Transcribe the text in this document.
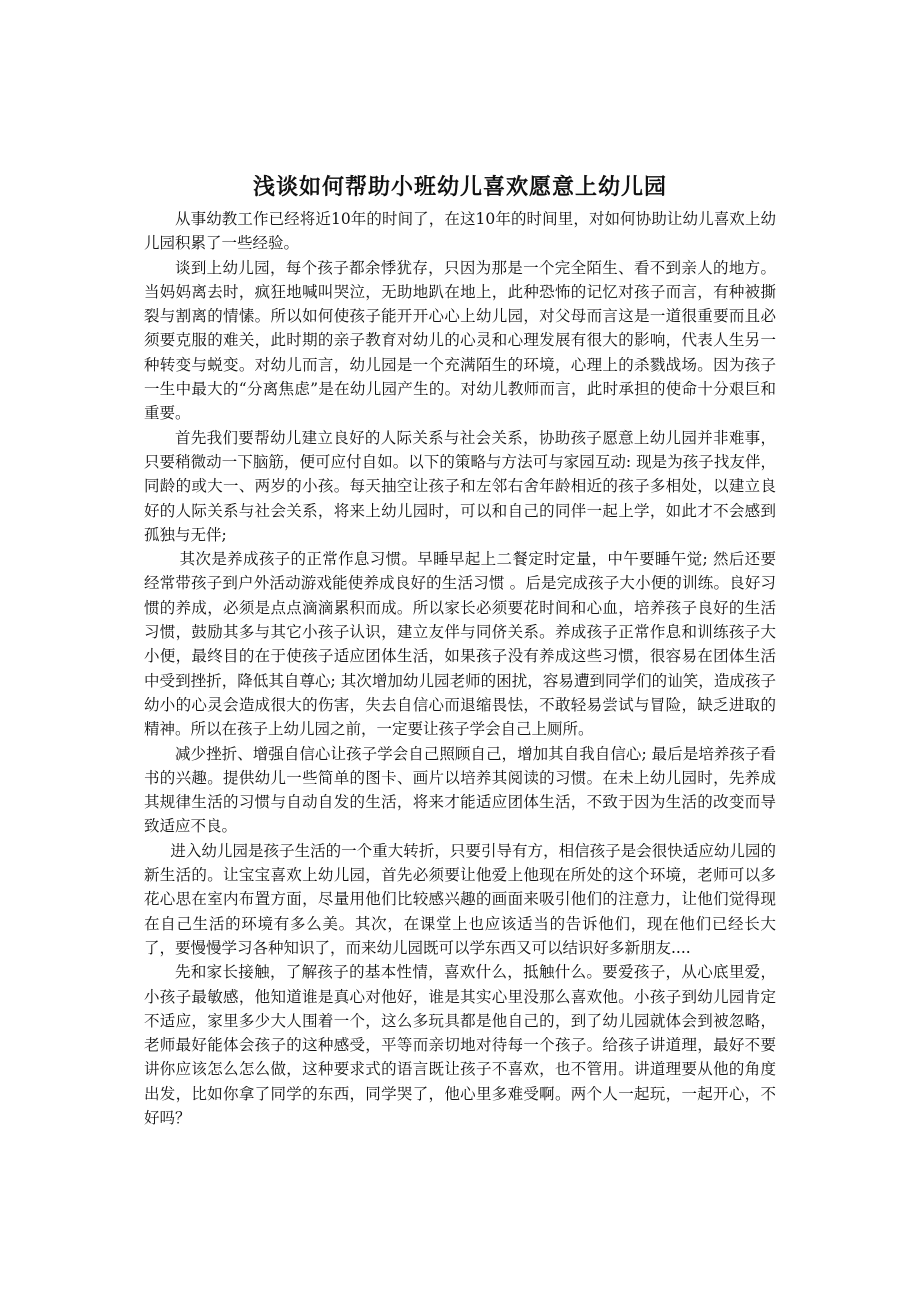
浅谈如何帮助小班幼儿喜欢愿意上幼儿园

从事幼教工作已经将近10年的时间了，在这10年的时间里，对如何协助让幼儿喜欢上幼儿园积累了一些经验。

谈到上幼儿园，每个孩子都余悸犹存，只因为那是一个完全陌生、看不到亲人的地方。当妈妈离去时，疯狂地喊叫哭泣，无助地趴在地上，此种恐怖的记忆对孩子而言，有种被撕裂与割离的情愫。所以如何使孩子能开开心心上幼儿园，对父母而言这是一道很重要而且必须要克服的难关，此时期的亲子教育对幼儿的心灵和心理发展有很大的影响，代表人生另一种转变与蜕变。对幼儿而言，幼儿园是一个充满陌生的环境，心理上的杀戮战场。因为孩子一生中最大的“分离焦虑”是在幼儿园产生的。对幼儿教师而言，此时承担的使命十分艰巨和重要。

首先我们要帮幼儿建立良好的人际关系与社会关系，协助孩子愿意上幼儿园并非难事，只要稍微动一下脑筋，便可应付自如。以下的策略与方法可与家园互动: 现是为孩子找友伴，同龄的或大一、两岁的小孩。每天抽空让孩子和左邻右舍年龄相近的孩子多相处，以建立良好的人际关系与社会关系，将来上幼儿园时，可以和自己的同伴一起上学，如此才不会感到孤独与无伴;

其次是养成孩子的正常作息习惯。早睡早起上二餐定时定量，中午要睡午觉; 然后还要经常带孩子到户外活动游戏能使养成良好的生活习惯 。后是完成孩子大小便的训练。良好习惯的养成，必须是点点滴滴累积而成。所以家长必须要花时间和心血，培养孩子良好的生活习惯，鼓励其多与其它小孩子认识，建立友伴与同侪关系。养成孩子正常作息和训练孩子大小便，最终目的在于使孩子适应团体生活，如果孩子没有养成这些习惯，很容易在团体生活中受到挫折，降低其自尊心; 其次增加幼儿园老师的困扰，容易遭到同学们的讪笑，造成孩子幼小的心灵会造成很大的伤害，失去自信心而退缩畏怯，不敢轻易尝试与冒险，缺乏进取的精神。所以在孩子上幼儿园之前，一定要让孩子学会自己上厕所。

减少挫折、增强自信心让孩子学会自己照顾自己，增加其自我自信心; 最后是培养孩子看书的兴趣。提供幼儿一些简单的图卡、画片以培养其阅读的习惯。在未上幼儿园时，先养成其规律生活的习惯与自动自发的生活，将来才能适应团体生活，不致于因为生活的改变而导致适应不良。

进入幼儿园是孩子生活的一个重大转折，只要引导有方，相信孩子是会很快适应幼儿园的新生活的。让宝宝喜欢上幼儿园，首先必须要让他爱上他现在所处的这个环境，老师可以多花心思在室内布置方面，尽量用他们比较感兴趣的画面来吸引他们的注意力，让他们觉得现在自己生活的环境有多么美。其次，在课堂上也应该适当的告诉他们，现在他们已经长大了，要慢慢学习各种知识了，而来幼儿园既可以学东西又可以结识好多新朋友....

先和家长接触，了解孩子的基本性情，喜欢什么，抵触什么。要爱孩子，从心底里爱，小孩子最敏感，他知道谁是真心对他好，谁是其实心里没那么喜欢他。小孩子到幼儿园肯定不适应，家里多少大人围着一个，这么多玩具都是他自己的，到了幼儿园就体会到被忽略，老师最好能体会孩子的这种感受，平等而亲切地对待每一个孩子。给孩子讲道理，最好不要讲你应该怎么怎么做，这种要求式的语言既让孩子不喜欢，也不管用。讲道理要从他的角度出发，比如你拿了同学的东西，同学哭了，他心里多难受啊。两个人一起玩，一起开心，不好吗？
